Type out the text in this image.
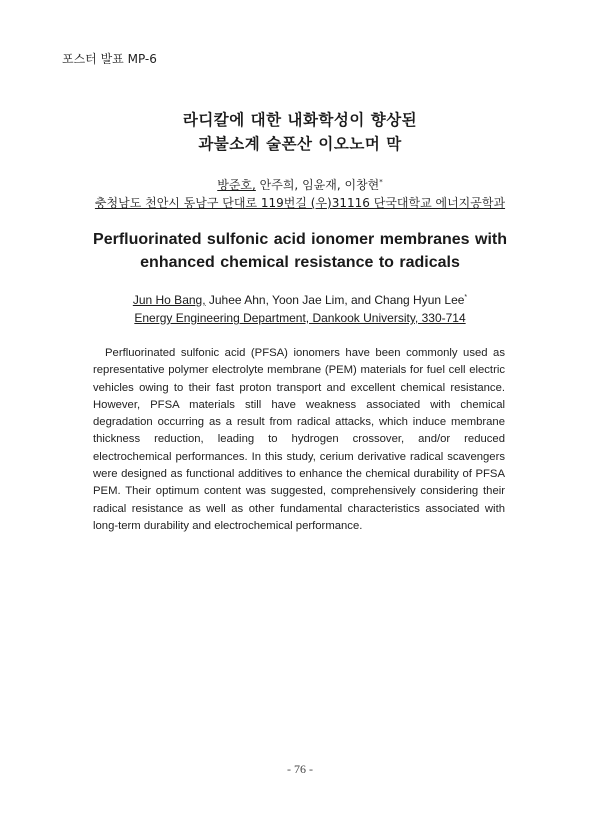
포스터 발표 MP-6
라디칼에 대한 내화학성이 향상된
과불소계 술폰산 이오노머 막
방준호, 안주희, 임윤재, 이창현*
충청남도 천안시 동남구 단대로 119번길 (우)31116 단국대학교 에너지공학과
Perfluorinated sulfonic acid ionomer membranes with
enhanced chemical resistance to radicals
Jun Ho Bang, Juhee Ahn, Yoon Jae Lim, and Chang Hyun Lee*
Energy Engineering Department, Dankook University, 330-714
Perfluorinated sulfonic acid (PFSA) ionomers have been commonly used as representative polymer electrolyte membrane (PEM) materials for fuel cell electric vehicles owing to their fast proton transport and excellent chemical resistance. However, PFSA materials still have weakness associated with chemical degradation occurring as a result from radical attacks, which induce membrane thickness reduction, leading to hydrogen crossover, and/or reduced electrochemical performances. In this study, cerium derivative radical scavengers were designed as functional additives to enhance the chemical durability of PFSA PEM. Their optimum content was suggested, comprehensively considering their radical resistance as well as other fundamental characteristics associated with long-term durability and electrochemical performance.
- 76 -
